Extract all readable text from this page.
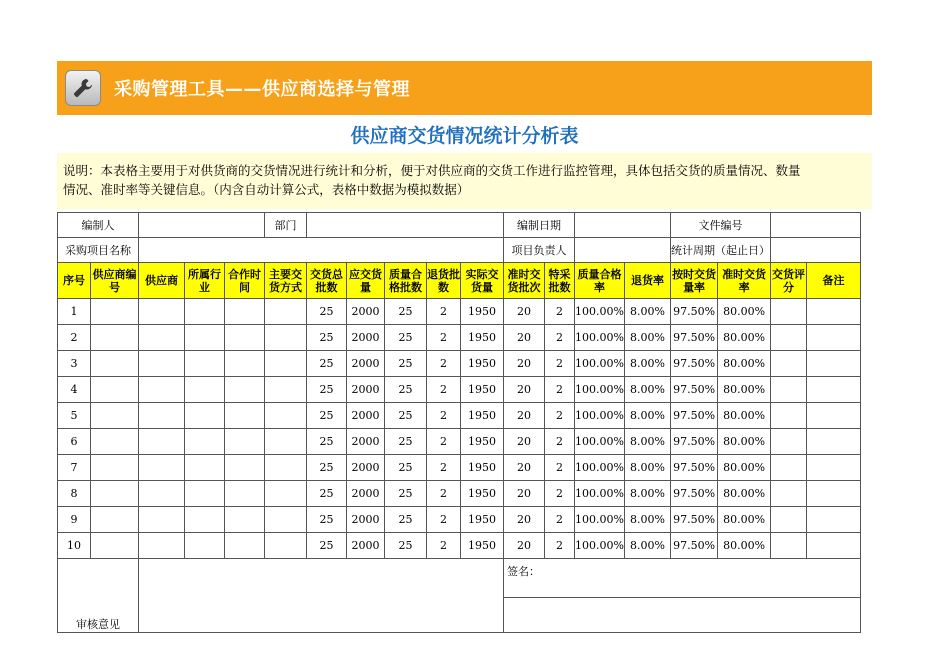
采购管理工具——供应商选择与管理
供应商交货情况统计分析表
说明：本表格主要用于对供货商的交货情况进行统计和分析，便于对供应商的交货工作进行监控管理，具体包括交货的质量情况、数量
情况、准时率等关键信息。（内含自动计算公式，表格中数据为模拟数据）
编制人					部门						编制日期				文件编号			
采购项目名称											项目负责人				统计周期（起止日）			
序号	供应商编号	供应商	所属行业	合作时间	主要交货方式	交货总批数	应交货量	质量合格批数	退货批数	实际交货量	准时交货批次	特采批数	质量合格率	退货率	按时交货量率	准时交货率	交货评分	备注
1						25	2000	25	2	1950	20	2	100.00%	8.00%	97.50%	80.00%		
2						25	2000	25	2	1950	20	2	100.00%	8.00%	97.50%	80.00%		
3						25	2000	25	2	1950	20	2	100.00%	8.00%	97.50%	80.00%		
4						25	2000	25	2	1950	20	2	100.00%	8.00%	97.50%	80.00%		
5						25	2000	25	2	1950	20	2	100.00%	8.00%	97.50%	80.00%		
6						25	2000	25	2	1950	20	2	100.00%	8.00%	97.50%	80.00%		
7						25	2000	25	2	1950	20	2	100.00%	8.00%	97.50%	80.00%		
8						25	2000	25	2	1950	20	2	100.00%	8.00%	97.50%	80.00%		
9						25	2000	25	2	1950	20	2	100.00%	8.00%	97.50%	80.00%		
10						25	2000	25	2	1950	20	2	100.00%	8.00%	97.50%	80.00%		
审核意见											签名：							
